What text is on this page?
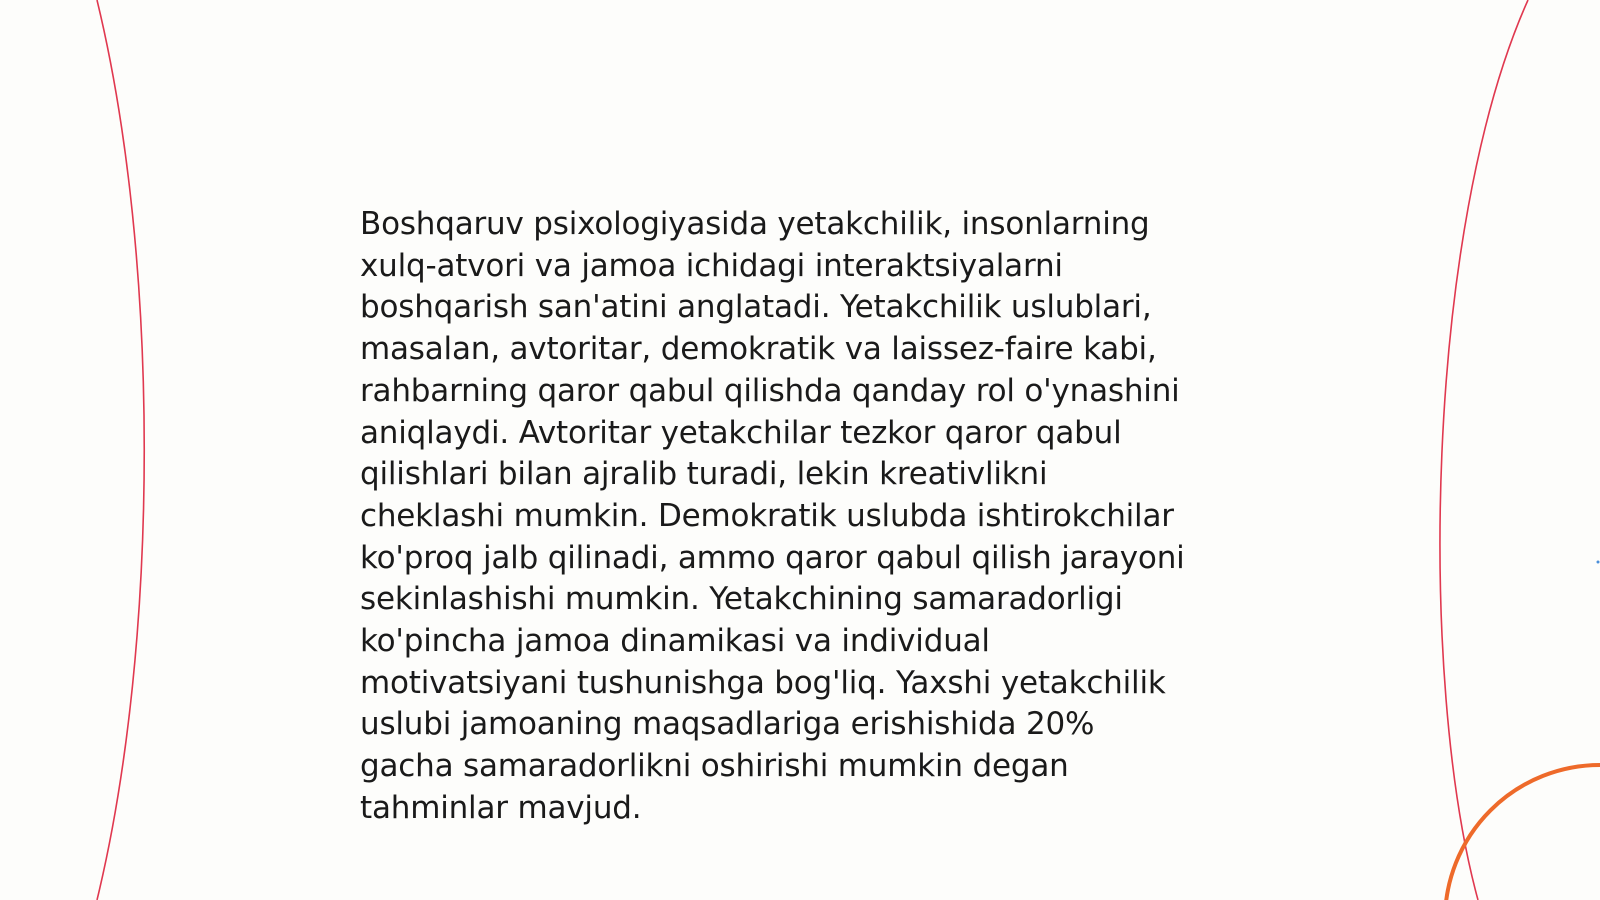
Boshqaruv psixologiyasida yetakchilik, insonlarning
xulq-atvori va jamoa ichidagi interaktsiyalarni
boshqarish san'atini anglatadi. Yetakchilik uslublari,
masalan, avtoritar, demokratik va laissez-faire kabi,
rahbarning qaror qabul qilishda qanday rol o'ynashini
aniqlaydi. Avtoritar yetakchilar tezkor qaror qabul
qilishlari bilan ajralib turadi, lekin kreativlikni
cheklashi mumkin. Demokratik uslubda ishtirokchilar
ko'proq jalb qilinadi, ammo qaror qabul qilish jarayoni
sekinlashishi mumkin. Yetakchining samaradorligi
ko'pincha jamoa dinamikasi va individual
motivatsiyani tushunishga bog'liq. Yaxshi yetakchilik
uslubi jamoaning maqsadlariga erishishida 20%
gacha samaradorlikni oshirishi mumkin degan
tahminlar mavjud.
